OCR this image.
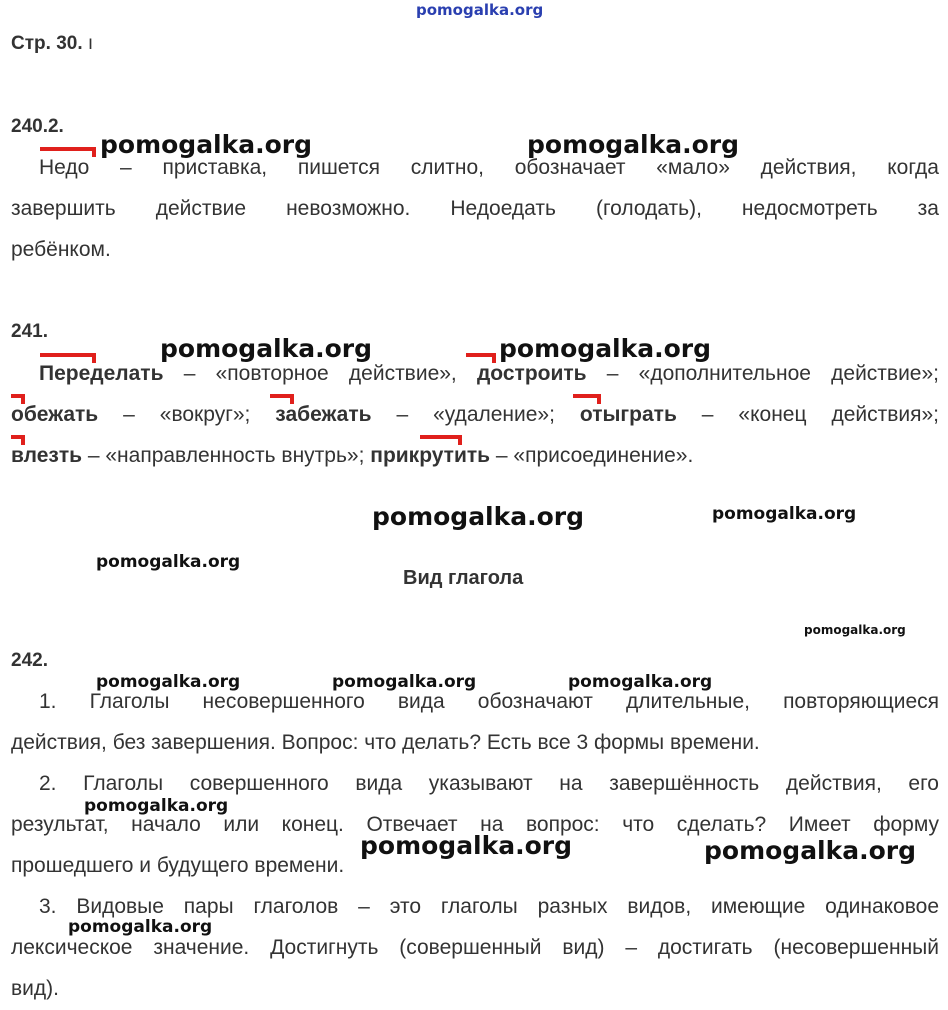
pomogalka.org
Стр. 30. ı
240.2.
Недо – приставка, пишется слитно, обозначает «мало» действия, когда
завершить действие невозможно. Недоедать (голодать), недосмотреть за
ребёнком.
241.
Переделать – «повторное действие», достроить – «дополнительное действие»;
обежать – «вокруг»; забежать – «удаление»; отыграть – «конец действия»;
влезть – «направленность внутрь»; прикрутить – «присоединение».
Вид глагола
242.
1. Глаголы несовершенного вида обозначают длительные, повторяющиеся
действия, без завершения. Вопрос: что делать? Есть все 3 формы времени.
2. Глаголы совершенного вида указывают на завершённость действия, его
результат, начало или конец. Отвечает на вопрос: что сделать? Имеет форму
прошедшего и будущего времени.
3. Видовые пары глаголов – это глаголы разных видов, имеющие одинаковое
лексическое значение. Достигнуть (совершенный вид) – достигать (несовершенный
вид).
pomogalka.org	pomogalka.org
pomogalka.org	pomogalka.org
pomogalka.org	pomogalka.org
pomogalka.org
pomogalka.org
pomogalka.org	pomogalka.org	pomogalka.org
pomogalka.org
pomogalka.org	pomogalka.org
pomogalka.org
